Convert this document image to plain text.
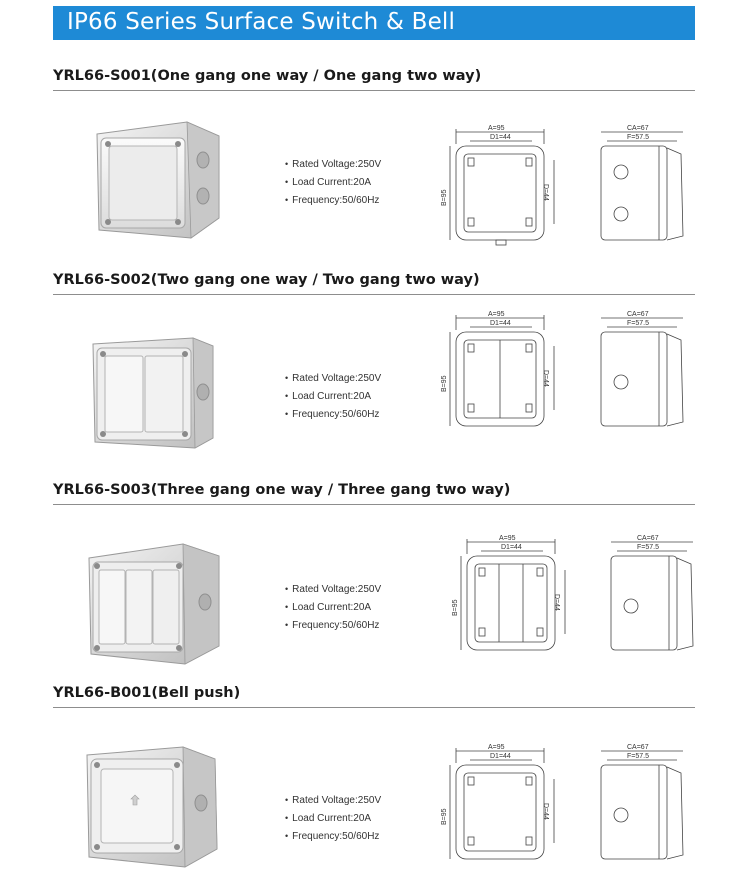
IP66 Series Surface Switch & Bell
YRL66-S001(One gang one way / One gang two way)
• Rated Voltage:250V
• Load Current:20A
• Frequency:50/60Hz
A=95
D1=44
B=95	D=44
CA=67
F=57.5
YRL66-S002(Two gang one way / Two gang two way)
• Rated Voltage:250V
• Load Current:20A
• Frequency:50/60Hz
A=95
D1=44
B=95	D=44
CA=67
F=57.5
YRL66-S003(Three gang one way / Three gang two way)
• Rated Voltage:250V
• Load Current:20A
• Frequency:50/60Hz
A=95
D1=44
B=95	D=44
CA=67
F=57.5
YRL66-B001(Bell push)
• Rated Voltage:250V
• Load Current:20A
• Frequency:50/60Hz
A=95
D1=44
B=95	D=44
CA=67
F=57.5
